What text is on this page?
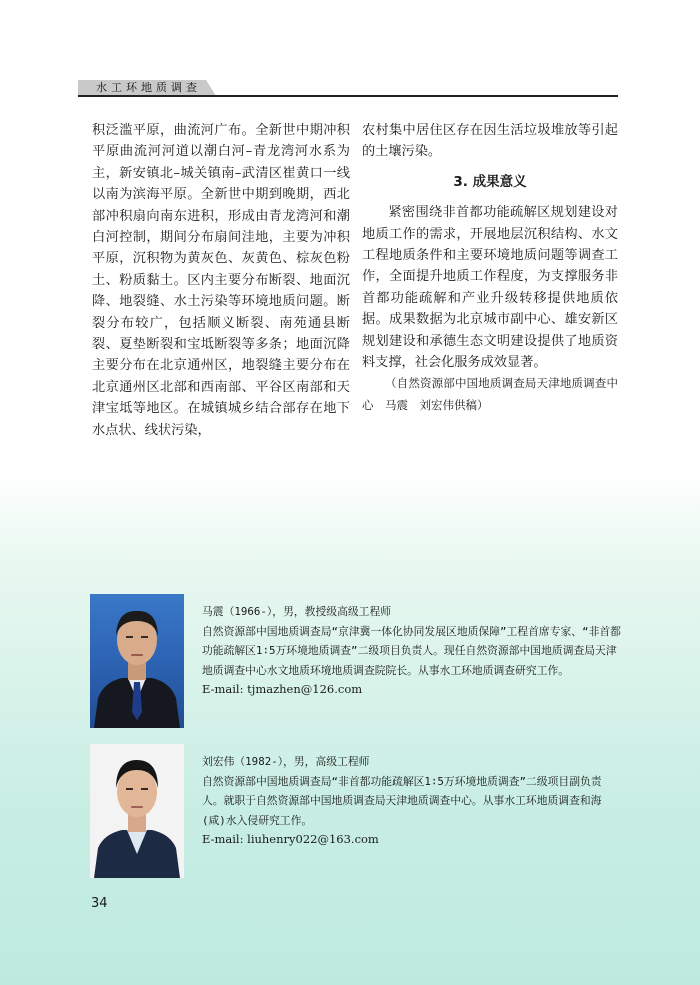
水工环地质调查

积泛滥平原，曲流河广布。全新世中期冲积平原曲流河河道以潮白河–青龙湾河水系为主，新安镇北–城关镇南–武清区崔黄口一线以南为滨海平原。全新世中期到晚期，西北部冲积扇向南东进积，形成由青龙湾河和潮白河控制，期间分布扇间洼地，主要为冲积平原，沉积物为黄灰色、灰黄色、棕灰色粉土、粉质黏土。区内主要分布断裂、地面沉降、地裂缝、水土污染等环境地质问题。断裂分布较广，包括顺义断裂、南苑通县断裂、夏垫断裂和宝坻断裂等多条；地面沉降主要分布在北京通州区，地裂缝主要分布在北京通州区北部和西南部、平谷区南部和天津宝坻等地区。在城镇城乡结合部存在地下水点状、线状污染，

农村集中居住区存在因生活垃圾堆放等引起的土壤污染。

3. 成果意义

紧密围绕非首都功能疏解区规划建设对地质工作的需求，开展地层沉积结构、水文工程地质条件和主要环境地质问题等调查工作，全面提升地质工作程度，为支撑服务非首都功能疏解和产业升级转移提供地质依据。成果数据为北京城市副中心、雄安新区规划建设和承德生态文明建设提供了地质资料支撑，社会化服务成效显著。

（自然资源部中国地质调查局天津地质调查中心　马震　刘宏伟供稿）

马震（1966-），男，教授级高级工程师

自然资源部中国地质调查局“京津冀一体化协同发展区地质保障”工程首席专家、“非首都功能疏解区1∶5万环境地质调查”二级项目负责人。现任自然资源部中国地质调查局天津地质调查中心水文地质环境地质调查院院长。从事水工环地质调查研究工作。

E-mail: tjmazhen@126.com

刘宏伟（1982-），男，高级工程师

自然资源部中国地质调查局“非首都功能疏解区1∶5万环境地质调查”二级项目副负责人。就职于自然资源部中国地质调查局天津地质调查中心。从事水工环地质调查和海(咸)水入侵研究工作。

E-mail: liuhenry022@163.com

34
